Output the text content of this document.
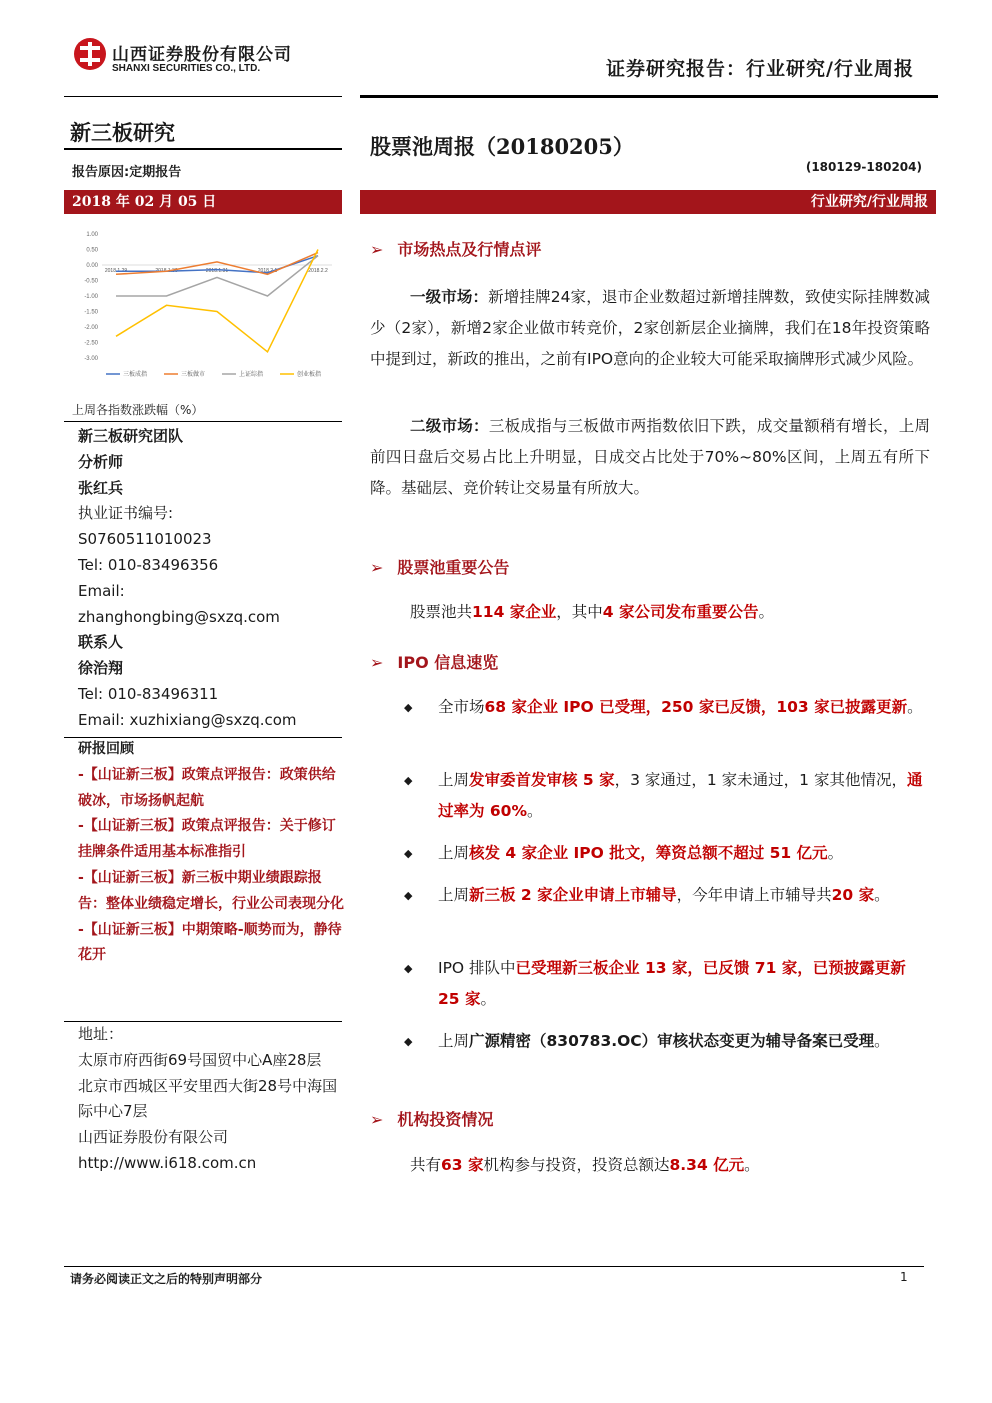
山西证券股份有限公司
SHANXI SECURITIES CO., LTD.	证券研究报告：行业研究/行业周报
新三板研究
报告原因:定期报告
2018 年 02 月 05 日
股票池周报（20180205）
(180129-180204)
行业研究/行业周报
1.00
0.50
0.00
-0.50
-1.00
-1.50
-2.00
-2.50
-3.00
2018.1.29	2018.1.30	2018.1.31	2018.2.1	2018.2.2
三板成指	三板做市	上证综指	创业板指
上周各指数涨跌幅（%）
新三板研究团队
分析师
张红兵
执业证书编号:
S0760511010023
Tel: 010-83496356
Email:
zhanghongbing@sxzq.com
联系人
徐治翔
Tel: 010-83496311
Email: xuzhixiang@sxzq.com
研报回顾
-【山证新三板】政策点评报告：政策供给破冰，市场扬帆起航
-【山证新三板】政策点评报告：关于修订挂牌条件适用基本标准指引
-【山证新三板】新三板中期业绩跟踪报告：整体业绩稳定增长，行业公司表现分化
-【山证新三板】中期策略-顺势而为，静待花开
地址：
太原市府西街69号国贸中心A座28层
北京市西城区平安里西大街28号中海国际中心7层
山西证券股份有限公司
http://www.i618.com.cn
➢ 市场热点及行情点评
一级市场：新增挂牌24家，退市企业数超过新增挂牌数，致使实际挂牌数减少（2家），新增2家企业做市转竞价，2家创新层企业摘牌，我们在18年投资策略中提到过，新政的推出，之前有IPO意向的企业较大可能采取摘牌形式减少风险。
二级市场：三板成指与三板做市两指数依旧下跌，成交量额稍有增长，上周前四日盘后交易占比上升明显，日成交占比处于70%~80%区间，上周五有所下降。基础层、竞价转让交易量有所放大。
➢ 股票池重要公告
股票池共114 家企业，其中4 家公司发布重要公告。
➢ IPO 信息速览
◆ 全市场68 家企业 IPO 已受理，250 家已反馈，103 家已披露更新。
◆ 上周发审委首发审核 5 家，3 家通过，1 家未通过，1 家其他情况，通过率为 60%。
◆ 上周核发 4 家企业 IPO 批文，筹资总额不超过 51 亿元。
◆ 上周新三板 2 家企业申请上市辅导，今年申请上市辅导共20 家。
◆ IPO 排队中已受理新三板企业 13 家，已反馈 71 家，已预披露更新 25 家。
◆ 上周广源精密（830783.OC）审核状态变更为辅导备案已受理。
➢ 机构投资情况
共有63 家机构参与投资，投资总额达8.34 亿元。
请务必阅读正文之后的特别声明部分	1
